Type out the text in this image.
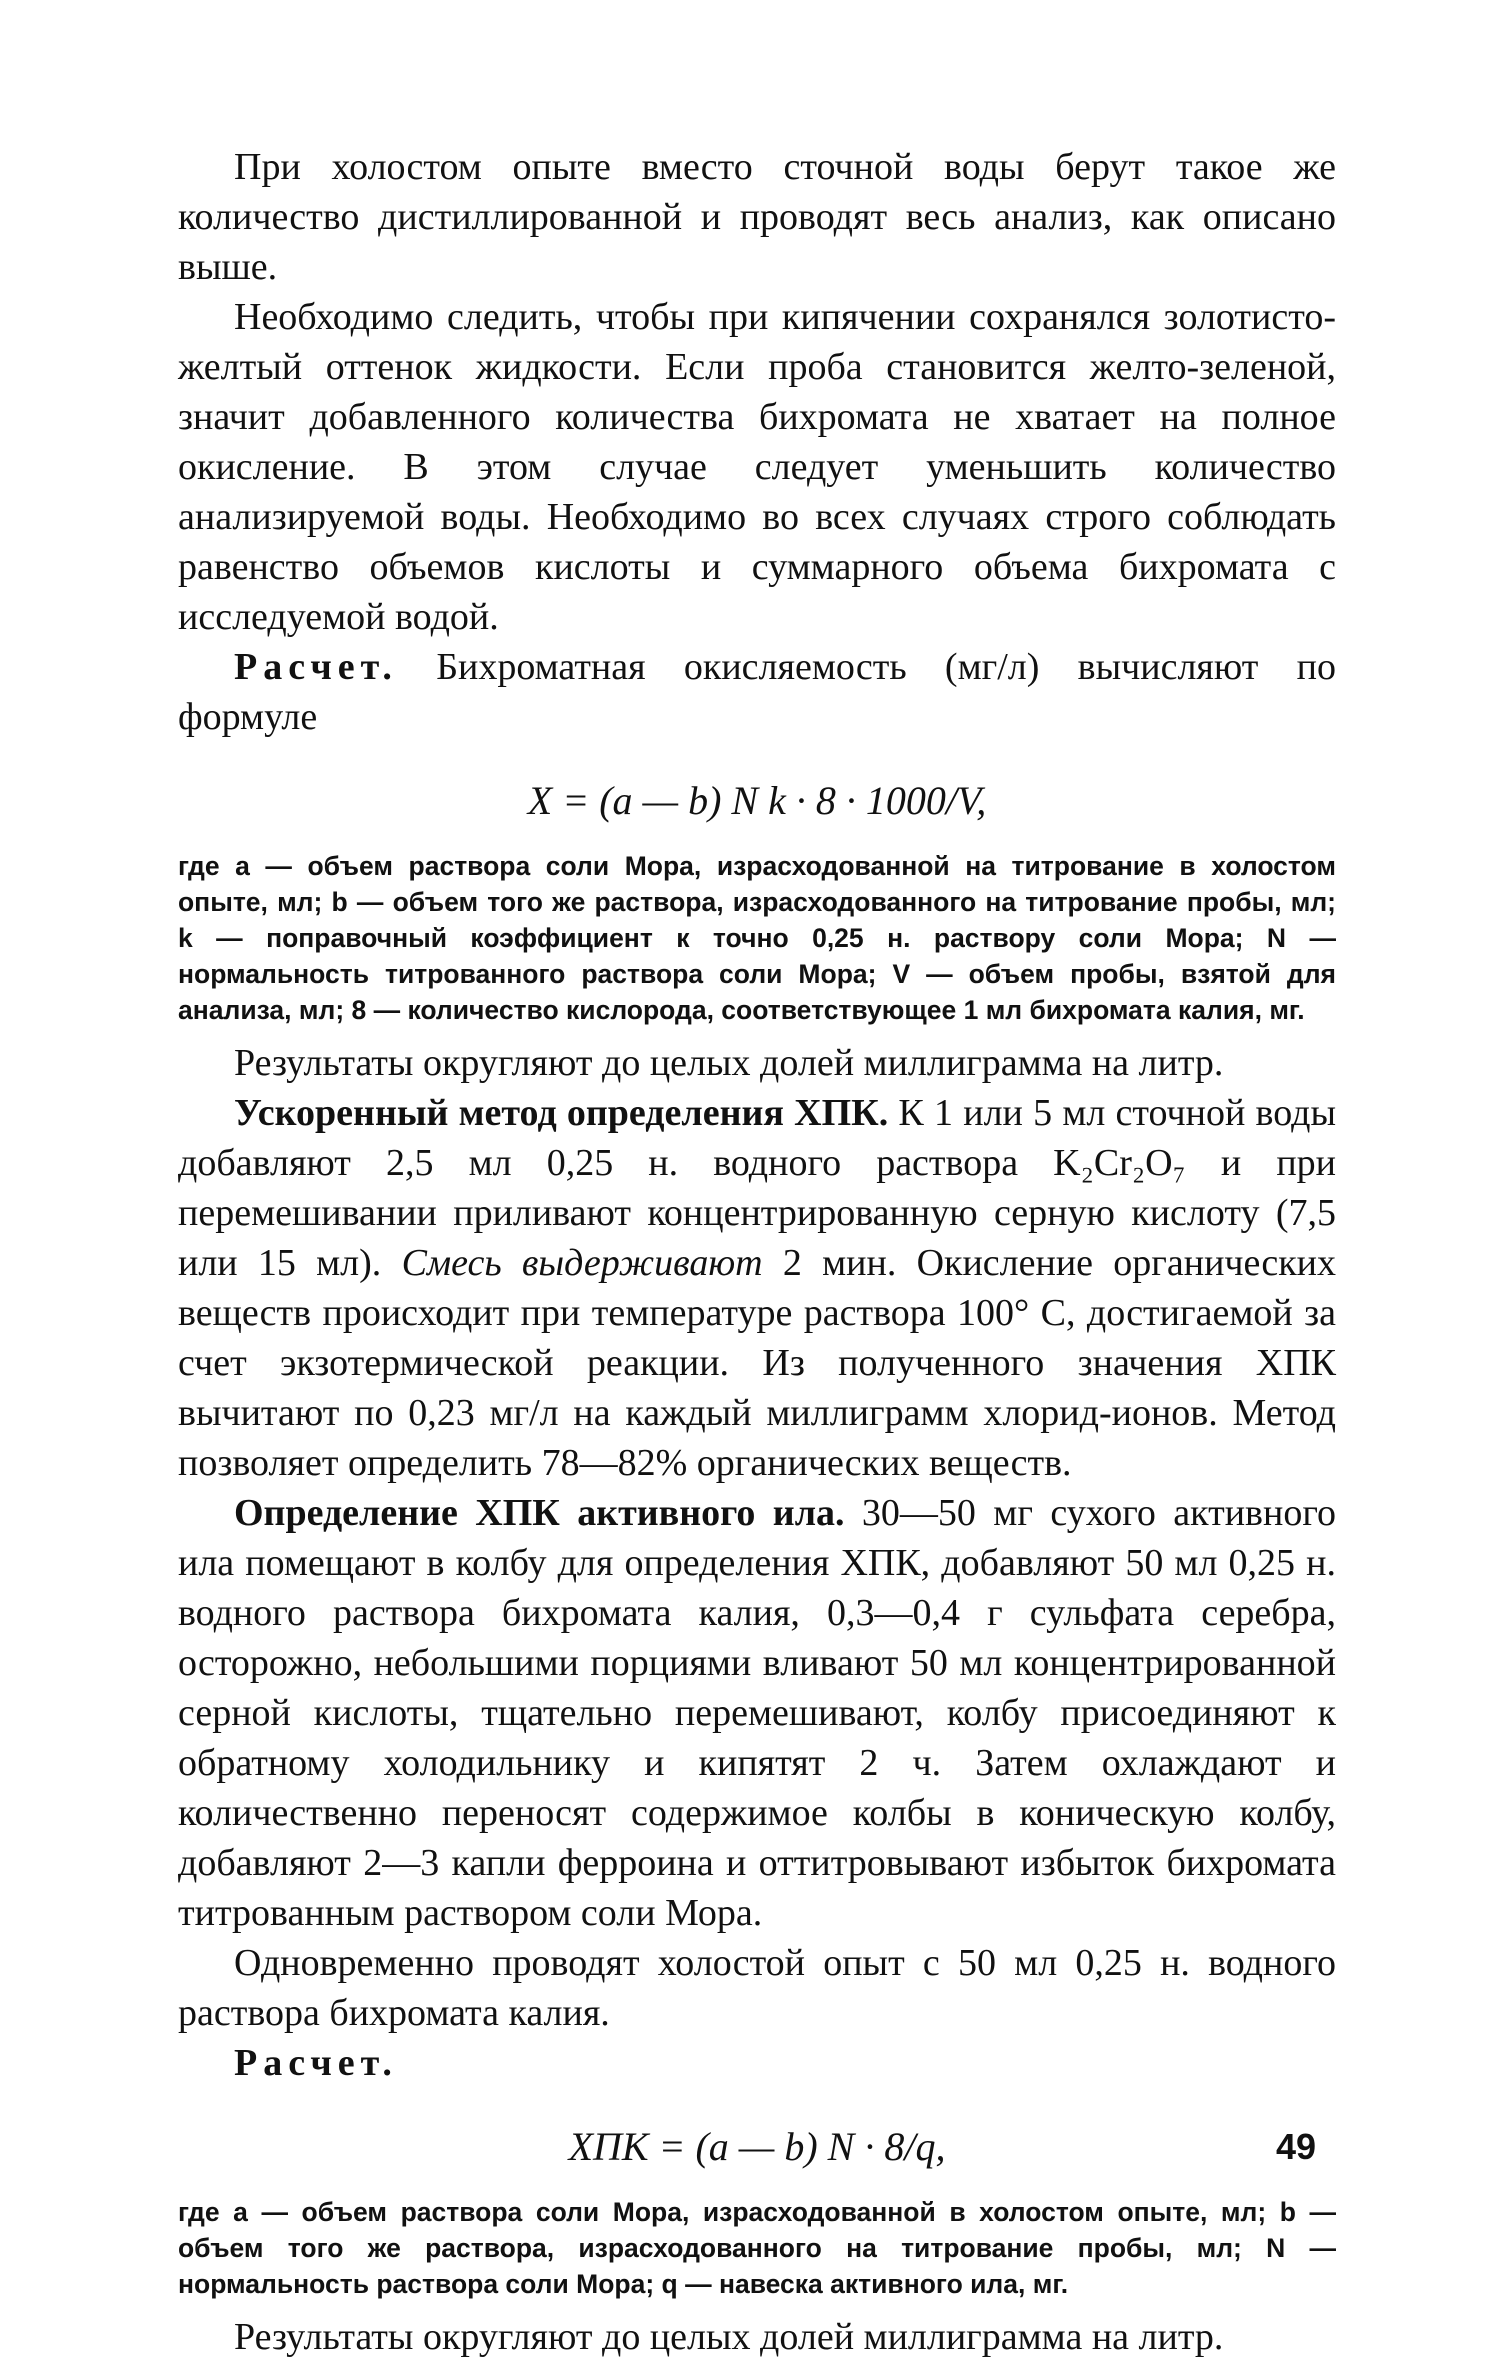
При холостом опыте вместо сточной воды берут такое же количество дистиллированной и проводят весь анализ, как описано выше.

Необходимо следить, чтобы при кипячении сохранялся золотисто-желтый оттенок жидкости. Если проба становится желто-зеленой, значит добавленного количества бихромата не хватает на полное окисление. В этом случае следует уменьшить количество анализируемой воды. Необходимо во всех случаях строго соблюдать равенство объемов кислоты и суммарного объема бихромата с исследуемой водой.

Расчет. Бихроматная окисляемость (мг/л) вычисляют по формуле

X = (a — b) N k · 8 · 1000/V,

где a — объем раствора соли Мора, израсходованной на титрование в холостом опыте, мл; b — объем того же раствора, израсходованного на титрование пробы, мл; k — поправочный коэффициент к точно 0,25 н. раствору соли Мора; N — нормальность титрованного раствора соли Мора; V — объем пробы, взятой для анализа, мл; 8 — количество кислорода, соответствующее 1 мл бихромата калия, мг.

Результаты округляют до целых долей миллиграмма на литр.

Ускоренный метод определения ХПК. К 1 или 5 мл сточной воды добавляют 2,5 мл 0,25 н. водного раствора K₂Cr₂O₇ и при перемешивании приливают концентрированную серную кислоту (7,5 или 15 мл). Смесь выдерживают 2 мин. Окисление органических веществ происходит при температуре раствора 100° С, достигаемой за счет экзотермической реакции. Из полученного значения ХПК вычитают по 0,23 мг/л на каждый миллиграмм хлорид-ионов. Метод позволяет определить 78—82% органических веществ.

Определение ХПК активного ила. 30—50 мг сухого активного ила помещают в колбу для определения ХПК, добавляют 50 мл 0,25 н. водного раствора бихромата калия, 0,3—0,4 г сульфата серебра, осторожно, небольшими порциями вливают 50 мл концентрированной серной кислоты, тщательно перемешивают, колбу присоединяют к обратному холодильнику и кипятят 2 ч. Затем охлаждают и количественно переносят содержимое колбы в коническую колбу, добавляют 2—3 капли ферроина и оттитровывают избыток бихромата титрованным раствором соли Мора.

Одновременно проводят холостой опыт с 50 мл 0,25 н. водного раствора бихромата калия.

Расчет.

ХПК = (a — b) N · 8/q,

где a — объем раствора соли Мора, израсходованной в холостом опыте, мл; b — объем того же раствора, израсходованного на титрование пробы, мл; N — нормальность раствора соли Мора; q — навеска активного ила, мг.

Результаты округляют до целых долей миллиграмма на литр.

49
